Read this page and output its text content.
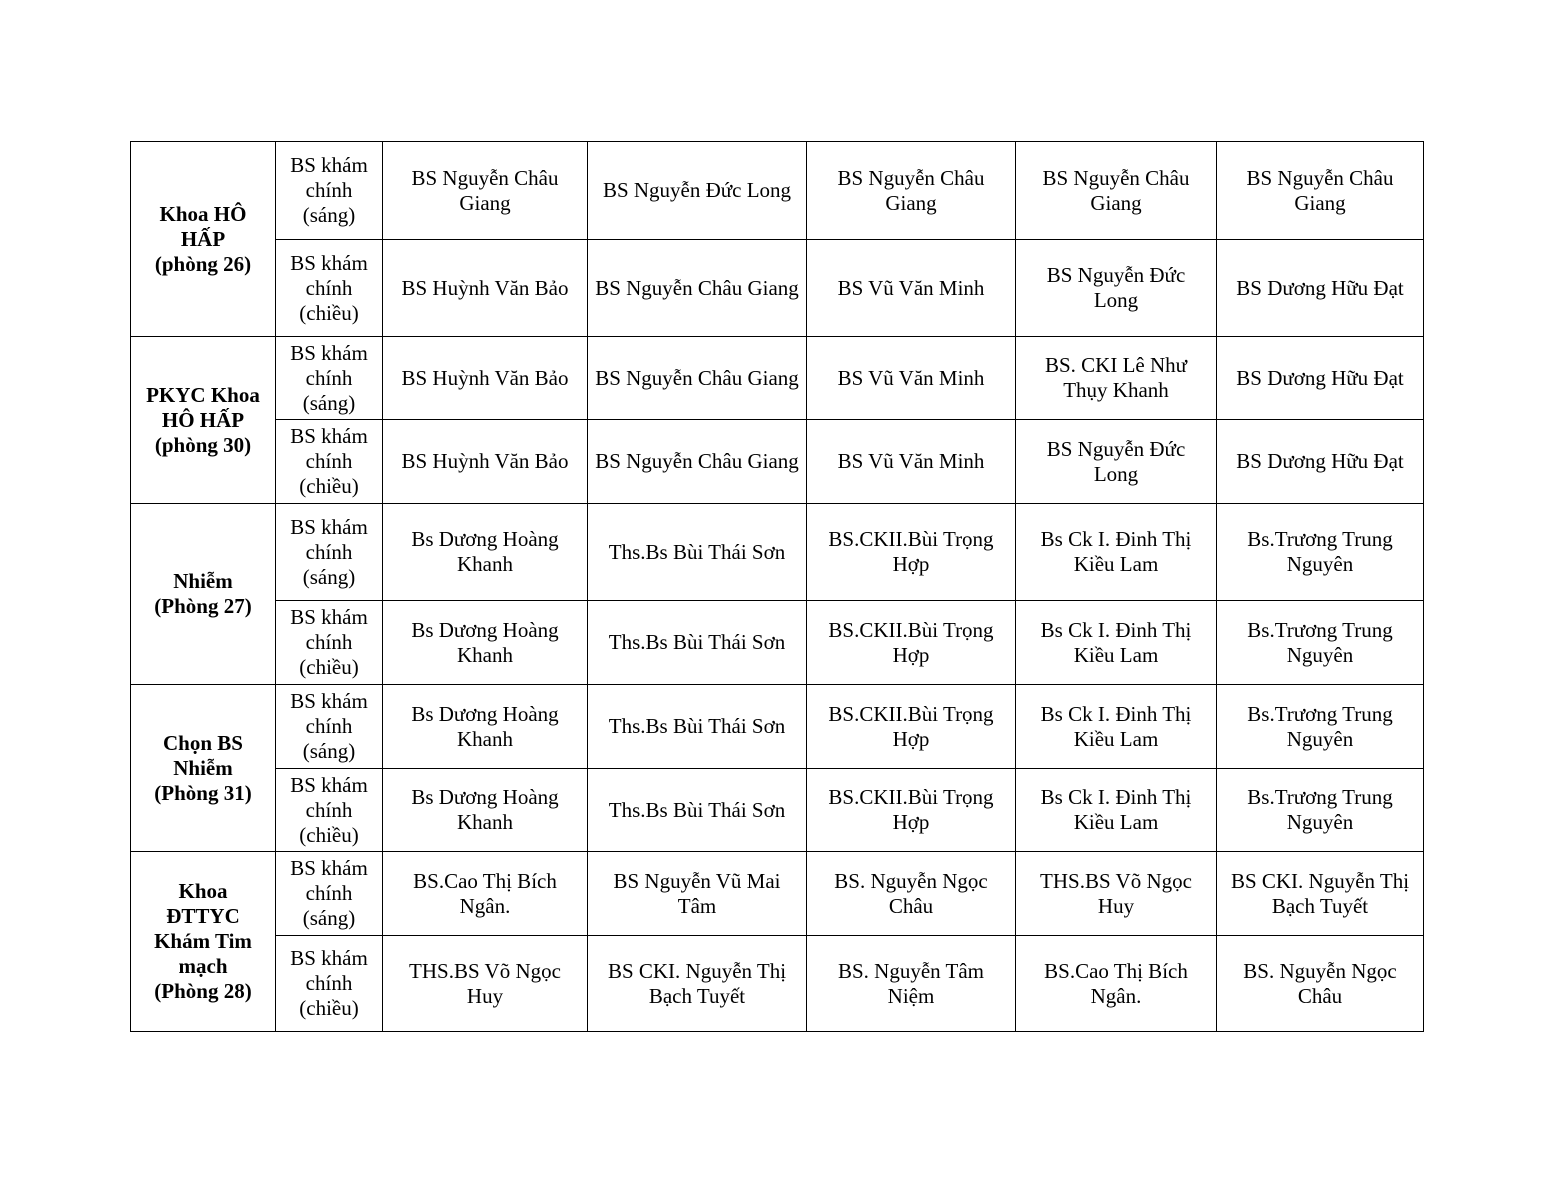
Khoa HÔ
HẤP
(phòng 26)	BS khám
chính
(sáng)	BS Nguyễn Châu Giang	BS Nguyễn Đức Long	BS Nguyễn Châu Giang	BS Nguyễn Châu Giang	BS Nguyễn Châu Giang
	BS khám
chính
(chiều)	BS Huỳnh Văn Bảo	BS Nguyễn Châu Giang	BS Vũ Văn Minh	BS Nguyễn Đức Long	BS Dương Hữu Đạt
PKYC Khoa
HÔ HẤP
(phòng 30)	BS khám
chính
(sáng)	BS Huỳnh Văn Bảo	BS Nguyễn Châu Giang	BS Vũ Văn Minh	BS. CKI Lê Như Thụy Khanh	BS Dương Hữu Đạt
	BS khám
chính
(chiều)	BS Huỳnh Văn Bảo	BS Nguyễn Châu Giang	BS Vũ Văn Minh	BS Nguyễn Đức Long	BS Dương Hữu Đạt
Nhiễm
(Phòng 27)	BS khám
chính
(sáng)	Bs Dương Hoàng Khanh	Ths.Bs Bùi Thái Sơn	BS.CKII.Bùi Trọng Hợp	Bs Ck I. Đinh Thị Kiều Lam	Bs.Trương Trung Nguyên
	BS khám
chính
(chiều)	Bs Dương Hoàng Khanh	Ths.Bs Bùi Thái Sơn	BS.CKII.Bùi Trọng Hợp	Bs Ck I. Đinh Thị Kiều Lam	Bs.Trương Trung Nguyên
Chọn BS
Nhiễm
(Phòng 31)	BS khám
chính
(sáng)	Bs Dương Hoàng Khanh	Ths.Bs Bùi Thái Sơn	BS.CKII.Bùi Trọng Hợp	Bs Ck I. Đinh Thị Kiều Lam	Bs.Trương Trung Nguyên
	BS khám
chính
(chiều)	Bs Dương Hoàng Khanh	Ths.Bs Bùi Thái Sơn	BS.CKII.Bùi Trọng Hợp	Bs Ck I. Đinh Thị Kiều Lam	Bs.Trương Trung Nguyên
Khoa
ĐTTYC
Khám Tim
mạch
(Phòng 28)	BS khám
chính
(sáng)	BS.Cao Thị Bích Ngân.	BS Nguyễn Vũ Mai Tâm	BS. Nguyễn Ngọc Châu	THS.BS Võ Ngọc Huy	BS CKI. Nguyễn Thị Bạch Tuyết
	BS khám
chính
(chiều)	THS.BS Võ Ngọc Huy	BS CKI. Nguyễn Thị Bạch Tuyết	BS. Nguyễn Tâm Niệm	BS.Cao Thị Bích Ngân.	BS. Nguyễn Ngọc Châu
